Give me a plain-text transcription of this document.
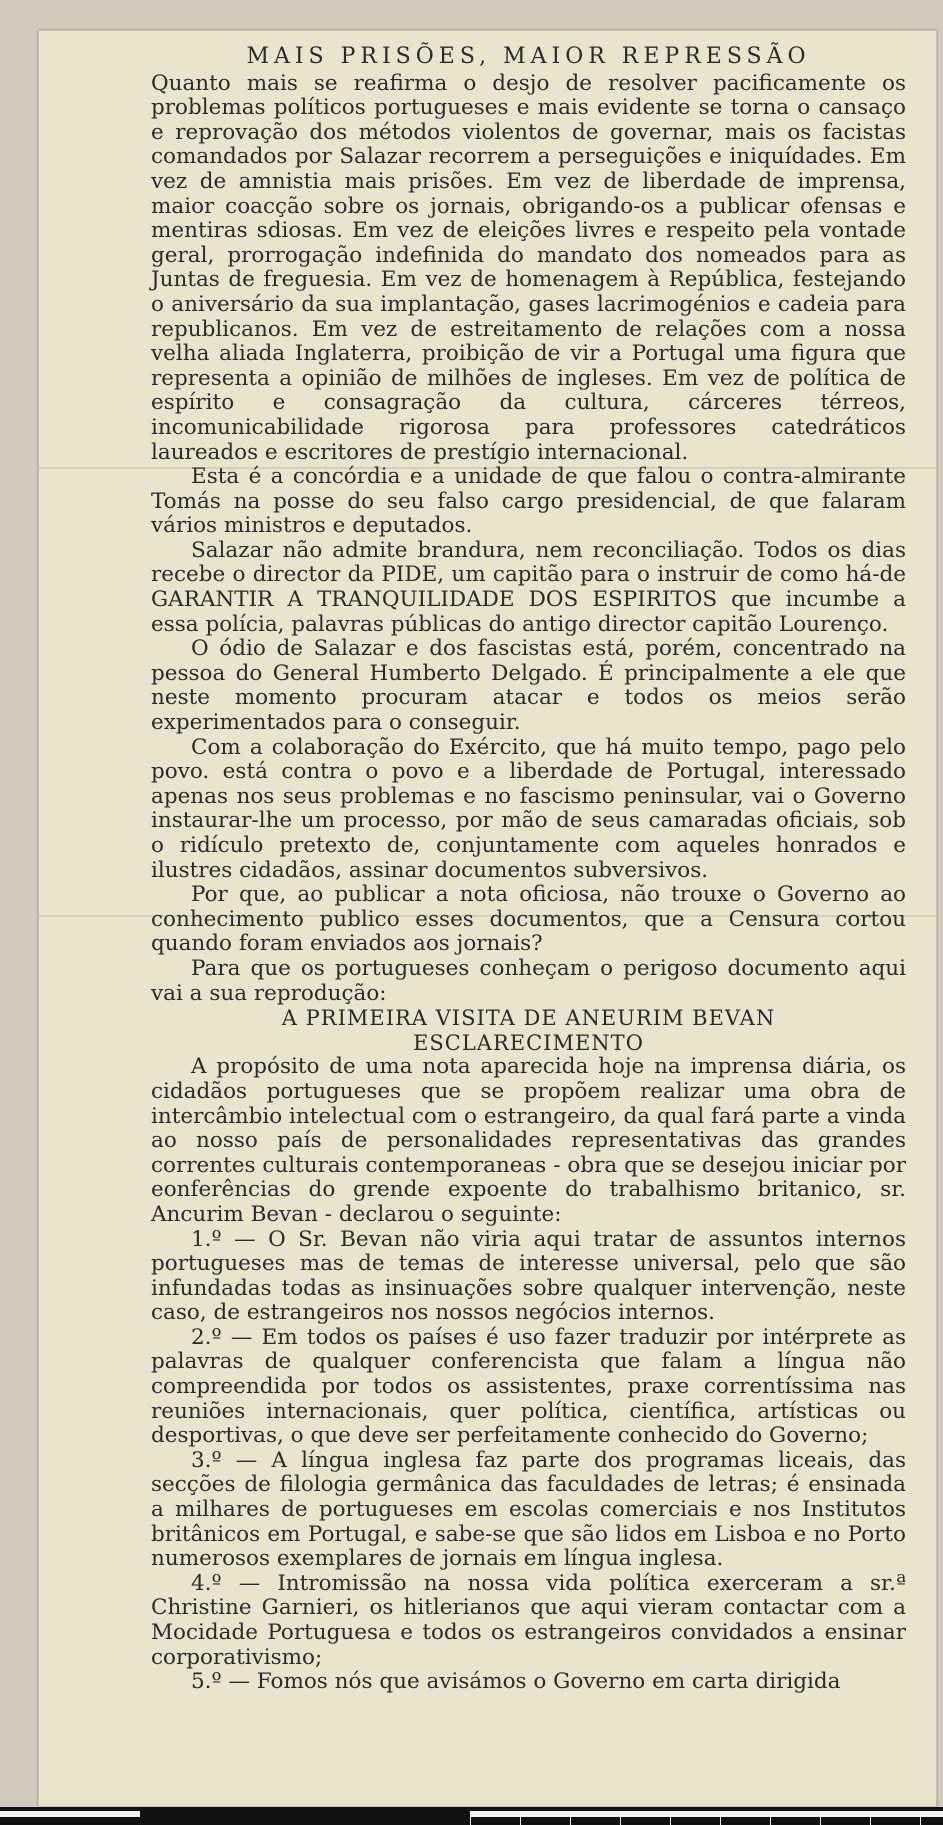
MAIS PRISÕES, MAIOR REPRESSÃO

Quanto mais se reafirma o desjo de resolver pacificamente os problemas políticos portugueses e mais evidente se torna o cansaço e reprovação dos métodos violentos de governar, mais os facistas comandados por Salazar recorrem a perseguições e iniquídades. Em vez de amnistia mais prisões. Em vez de liberdade de imprensa, maior coacção sobre os jornais, obrigando-os a publicar ofensas e mentiras sdiosas. Em vez de eleições livres e respeito pela vontade geral, prorrogação indefinida do mandato dos nomeados para as Juntas de freguesia. Em vez de homenagem à República, festejando o aniversário da sua implantação, gases lacrimogénios e cadeia para republicanos. Em vez de estreitamento de relações com a nossa velha aliada Inglaterra, proibição de vir a Portugal uma figura que representa a opinião de milhões de ingleses. Em vez de política de espírito e consagração da cultura, cárceres térreos, incomunicabilidade rigorosa para professores catedráticos laureados e escritores de prestígio internacional.

Esta é a concórdia e a unidade de que falou o contra-almirante Tomás na posse do seu falso cargo presidencial, de que falaram vários ministros e deputados.

Salazar não admite brandura, nem reconciliação. Todos os dias recebe o director da PIDE, um capitão para o instruir de como há-de GARANTIR A TRANQUILIDADE DOS ESPIRITOS que incumbe a essa polícia, palavras públicas do antigo director capitão Lourenço.

O ódio de Salazar e dos fascistas está, porém, concentrado na pessoa do General Humberto Delgado. É principalmente a ele que neste momento procuram atacar e todos os meios serão experimentados para o conseguir.

Com a colaboração do Exército, que há muito tempo, pago pelo povo. está contra o povo e a liberdade de Portugal, interessado apenas nos seus problemas e no fascismo peninsular, vai o Governo instaurar-lhe um processo, por mão de seus camaradas oficiais, sob o ridículo pretexto de, conjuntamente com aqueles honrados e ilustres cidadãos, assinar documentos subversivos.

Por que, ao publicar a nota oficiosa, não trouxe o Governo ao conhecimento publico esses documentos, que a Censura cortou quando foram enviados aos jornais?

Para que os portugueses conheçam o perigoso documento aqui vai a sua reprodução:

A PRIMEIRA VISITA DE ANEURIM BEVAN

ESCLARECIMENTO

A propósito de uma nota aparecida hoje na imprensa diária, os cidadãos portugueses que se propõem realizar uma obra de intercâmbio intelectual com o estrangeiro, da qual fará parte a vinda ao nosso país de personalidades representativas das grandes correntes culturais contemporaneas - obra que se desejou iniciar por eonferências do grende expoente do trabalhismo britanico, sr. Ancurim Bevan - declarou o seguinte:

1.º — O Sr. Bevan não viria aqui tratar de assuntos internos portugueses mas de temas de interesse universal, pelo que são infundadas todas as insinuações sobre qualquer intervenção, neste caso, de estrangeiros nos nossos negócios internos.

2.º — Em todos os países é uso fazer traduzir por intérprete as palavras de qualquer conferencista que falam a língua não compreendida por todos os assistentes, praxe correntíssima nas reuniões internacionais, quer política, científica, artísticas ou desportivas, o que deve ser perfeitamente conhecido do Governo;

3.º — A língua inglesa faz parte dos programas liceais, das secções de filologia germânica das faculdades de letras; é ensinada a milhares de portugueses em escolas comerciais e nos Institutos britânicos em Portugal, e sabe-se que são lidos em Lisboa e no Porto numerosos exemplares de jornais em língua inglesa.

4.º — Intromissão na nossa vida política exerceram a sr.ª Christine Garnieri, os hitlerianos que aqui vieram contactar com a Mocidade Portuguesa e todos os estrangeiros convidados a ensinar corporativismo;

5.º — Fomos nós que avisámos o Governo em carta dirigida
